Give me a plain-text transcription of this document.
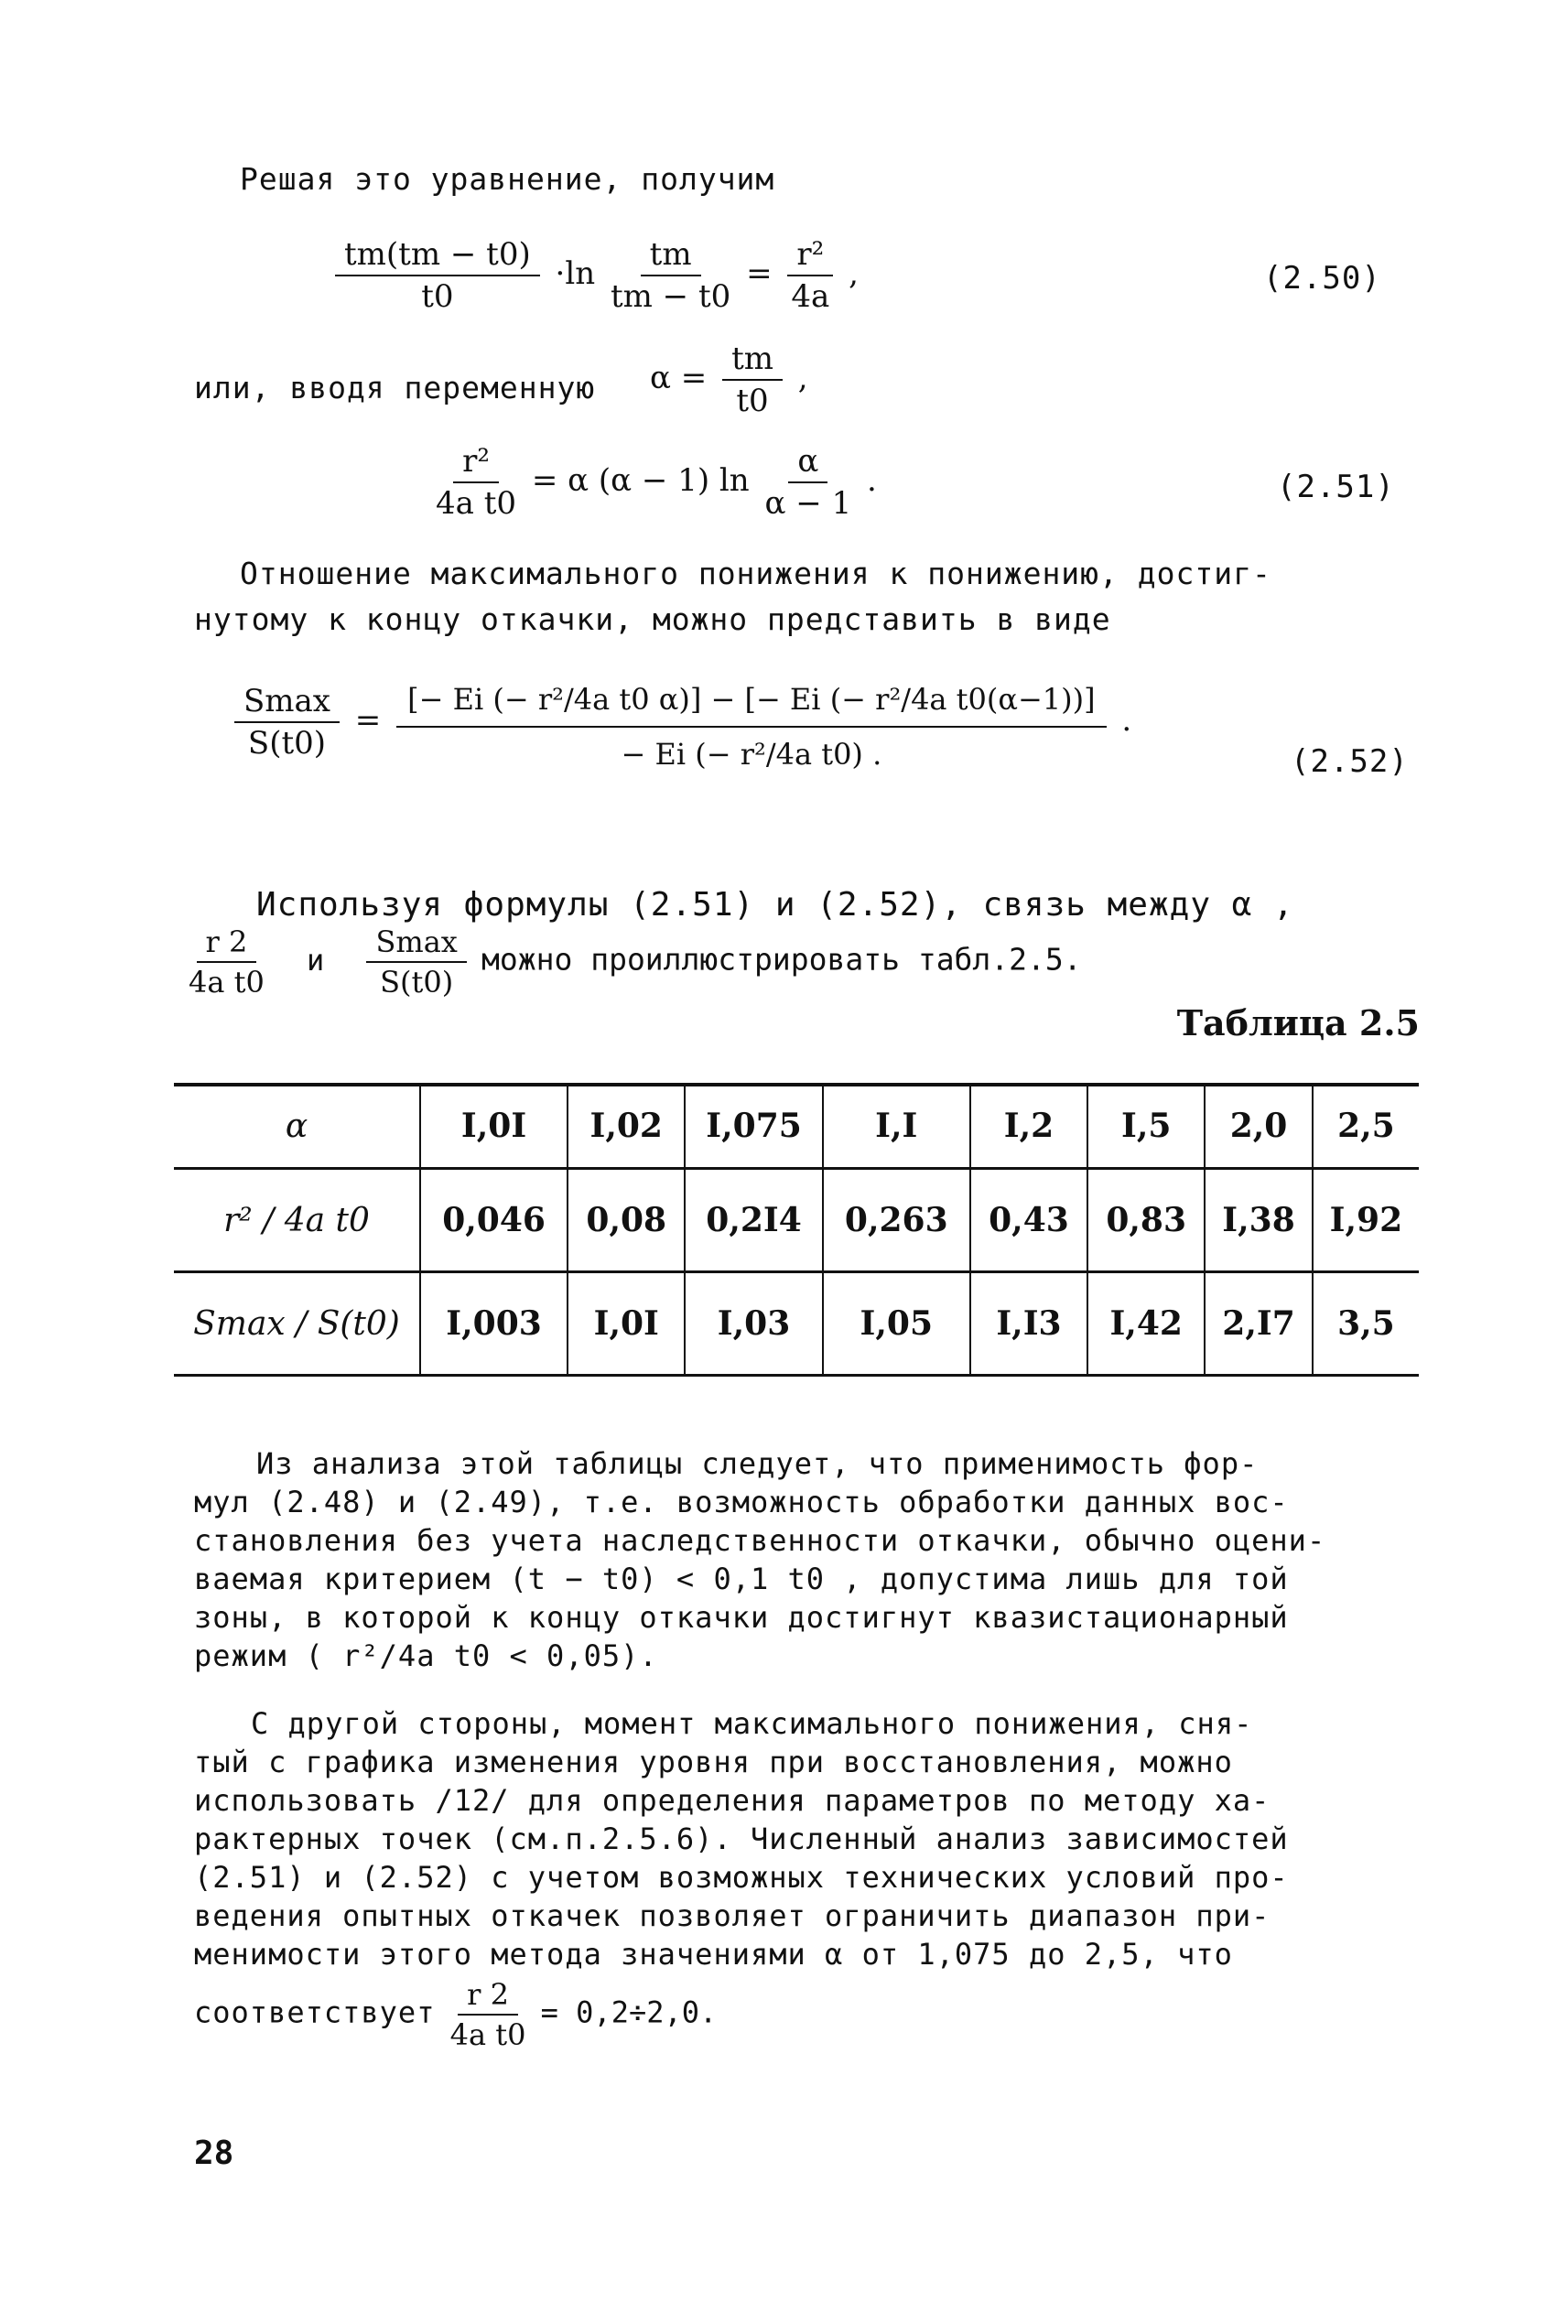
Решая это уравнение, получим
$\frac{tm(tm - t0)}{t0} \cdot\ln \frac{tm}{tm - t0} = \frac{\text{r²}}{4a}$ ,	(2.50)
или, вводя переменную $\alpha = \frac{tm}{t0}$ ,
$\frac{\text{r²}}{\text{4a t0}} = \alpha$ (α − 1) $\ln \frac{\alpha}{\alpha - 1}$ .	(2.51)

Отношение максимального понижения к понижению, достиг-

нутому к концу откачки, можно представить в виде

$\frac{Smax}{S(t0)} = \frac{\text{[− Ei (− r²/4a t0 α)] − [− Ei (− r²/4a t0(α−1))]}}{\text{− Ei (− r²/4a t0) .}}$ .
(2.52)
Используя формулы (2.51) и (2.52), связь между α ,
$\frac{r 2}{\text{4a t0}}$ и $\frac{Smax}{S(t0)}$ можно проиллюстрировать табл.2.5.
Таблица 2.5
α	I,0I	I,02	I,075	I,I	I,2	I,5	2,0	2,5
r² / 4a t0	0,046	0,08	0,2I4	0,263	0,43	0,83	I,38	I,92
Smax / S(t0)	I,003	I,0I	I,03	I,05	I,I3	I,42	2,I7	3,5

Из анализа этой таблицы следует, что применимость фор-

мул (2.48) и (2.49), т.е. возможность обработки данных вос-

становления без учета наследственности откачки, обычно оцени-

ваемая критерием (t − t0) < 0,1 t0 , допустима лишь для той

зоны, в которой к концу откачки достигнут квазистационарный

режим ( r²/4a t0 < 0,05).

С другой стороны, момент максимального понижения, сня-

тый с графика изменения уровня при восстановления, можно

использовать /12/ для определения параметров по методу ха-

рактерных точек (см.п.2.5.6). Численный анализ зависимостей

(2.51) и (2.52) с учетом возможных технических условий про-

ведения опытных откачек позволяет ограничить диапазон при-

менимости этого метода значениями α от 1,075 до 2,5, что

соответствует $\frac{r 2}{\text{4a t0}} = 0,2\div 2,0$.
28
